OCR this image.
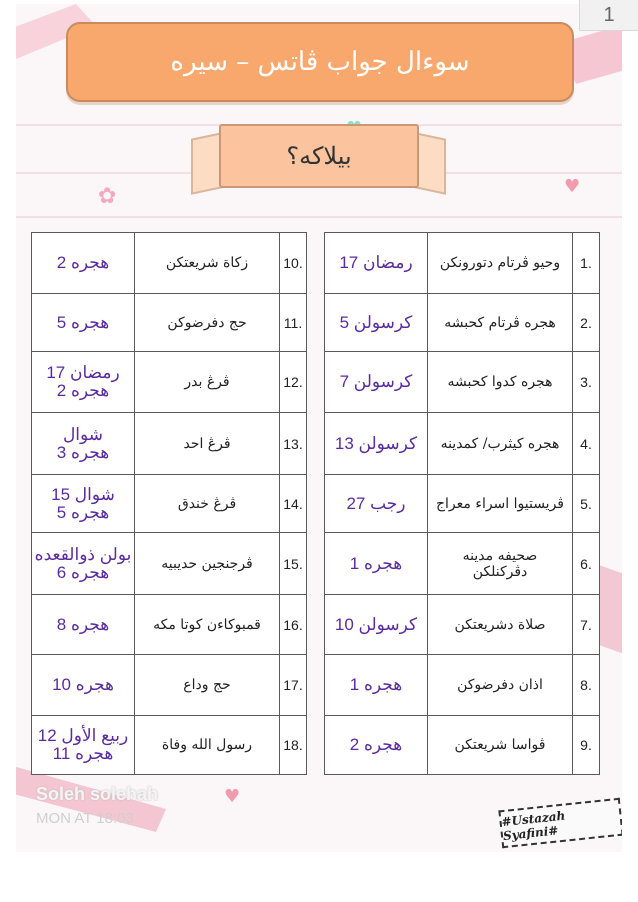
♥
♥
✿
سوءال جواب ڤاتس – سيره
بيلاکه؟
2 هجره	زکاة شريعتکن	10.

5 هجره	حج دفرضوکن	11.

17 رمضان
2 هجره	ڤرڠ بدر	12.

شوال
3 هجره	ڤرڠ احد	13.

15 شوال
5 هجره	ڤرڠ خندق	14.

بولن ذوالقعده
6 هجره	ڤرجنجين حديبيه	15.

8 هجره	قمبوکاءن کوتا مکه	16.

10 هجره	حج وداع	17.

12 ربيع الأول
11 هجره	رسول الله وفاة	18.
17 رمضان	وحيو ڤرتام دتورونکن	1.

5 کرسولن	هجره ڤرتام کحبشه	2.

7 کرسولن	هجره کدوا کحبشه	3.

13 کرسولن	هجره کيثرب/ کمدينه	4.

27 رجب	ڤريستيوا اسراء معراج	5.

1 هجره	صحيفه مدينه دڤرکنلکن	6.

10 کرسولن	صلاة دشريعتکن	7.

1 هجره	اذان دفرضوکن	8.

2 هجره	ڤواسا شريعتکن	9.
Soleh solehah
MON AT 18:03	#Ustazah Syafini#
1
